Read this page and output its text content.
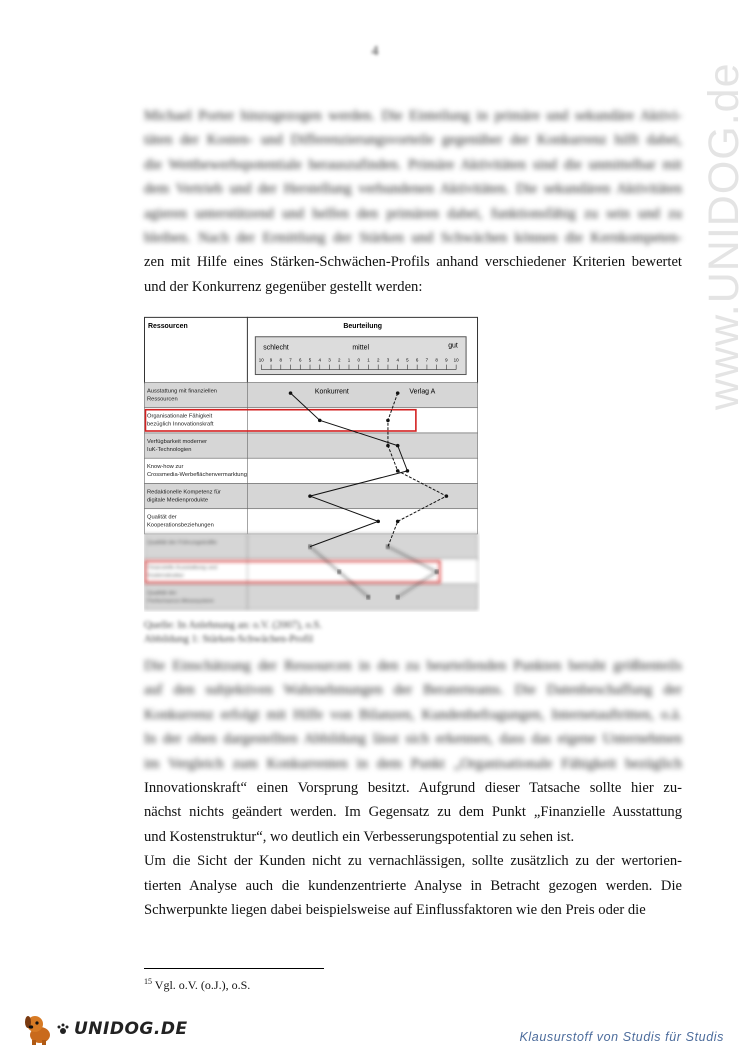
www.UNIDOG.de
4
Michael Porter hinzugezogen werden. Die Einteilung in primäre und sekundäre Aktivi-
täten der Kosten- und Differenzierungsvorteile gegenüber der Konkurrenz hilft dabei,
die Wettbewerbspotentiale herauszufinden. Primäre Aktivitäten sind die unmittelbar mit
dem Vertrieb und der Herstellung verbundenen Aktivitäten. Die sekundären Aktivitäten
agieren unterstützend und helfen den primären dabei, funktionsfähig zu sein und zu
bleiben. Nach der Ermittlung der Stärken und Schwächen können die Kernkompeten-
zen mit Hilfe eines Stärken-Schwächen-Profils anhand verschiedener Kriterien bewertet
und der Konkurrenz gegenüber gestellt werden:
Ressourcen	Beurteilung
schlecht	mittel	gut
10 9 8 7 6 5 4 3 2 1 0 1 2 3 4 5 6 7 8 9 10
Ausstattung mit finanziellen
Ressourcen
Organisationale Fähigkeit
bezüglich Innovationskraft
Verfügbarkeit moderner
IuK-Technologien
Know-how zur
Crossmedia-Werbeflächenvermarktung
Redaktionelle Kompetenz für
digitale Medienprodukte
Qualität der
Kooperationsbeziehungen
Qualität der Führungskräfte
Finanzielle Ausstattung und
Kostenstruktur
Qualität der
Performance-Messsystem
Konkurrent	Verlag A
Quelle: In Anlehnung an: o.V. (2007), o.S.
Abbildung 1: Stärken-Schwächen-Profil
Die Einschätzung der Ressourcen in den zu beurteilenden Punkten beruht größtenteils
auf den subjektiven Wahrnehmungen der Beraterteams. Die Datenbeschaffung der
Konkurrenz erfolgt mit Hilfe von Bilanzen, Kundenbefragungen, Internetauftritten, o.ä.
In der oben dargestellten Abbildung lässt sich erkennen, dass das eigene Unternehmen
im Vergleich zum Konkurrenten in dem Punkt „Organisationale Fähigkeit bezüglich
Innovationskraft“ einen Vorsprung besitzt. Aufgrund dieser Tatsache sollte hier zu-
nächst nichts geändert werden. Im Gegensatz zu dem Punkt „Finanzielle Ausstattung
und Kostenstruktur“, wo deutlich ein Verbesserungspotential zu sehen ist.
Um die Sicht der Kunden nicht zu vernachlässigen, sollte zusätzlich zu der wertorien-
tierten Analyse auch die kundenzentrierte Analyse in Betracht gezogen werden. Die
Schwerpunkte liegen dabei beispielsweise auf Einflussfaktoren wie den Preis oder die
$^{15}$ Vgl. o.V. (o.J.), o.S.
UNIDOG.DE	Klausurstoff von Studis für Studis
